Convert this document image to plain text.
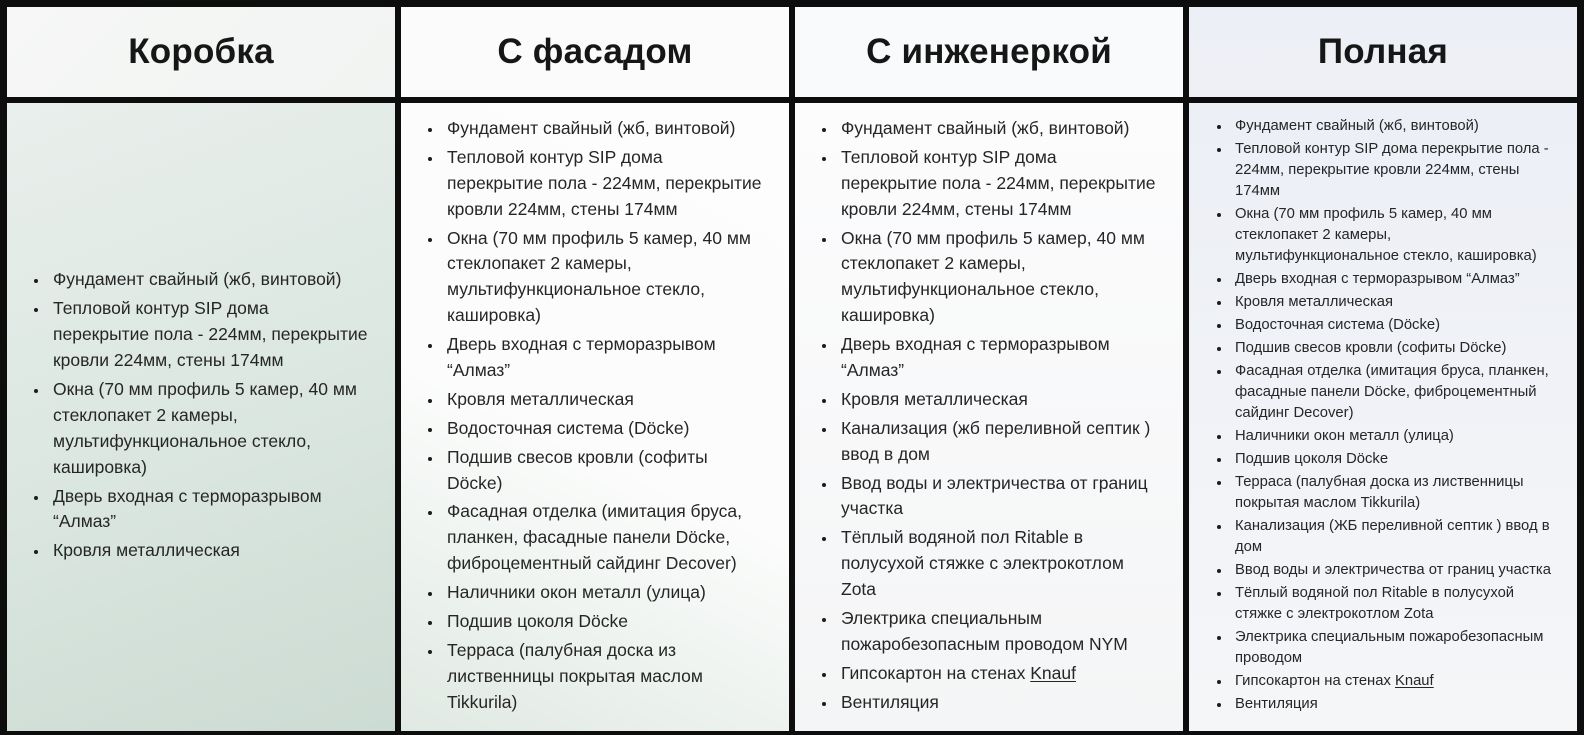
Коробка
• Фундамент свайный (жб, винтовой)
• Тепловой контур SIP дома перекрытие пола - 224мм, перекрытие кровли 224мм, стены 174мм
• Окна (70 мм профиль 5 камер, 40 мм стеклопакет 2 камеры, мультифункциональное стекло, кашировка)
• Дверь входная с терморазрывом “Алмаз”
• Кровля металлическая
С фасадом
• Фундамент свайный (жб, винтовой)
• Тепловой контур SIP дома перекрытие пола - 224мм, перекрытие кровли 224мм, стены 174мм
• Окна (70 мм профиль 5 камер, 40 мм стеклопакет 2 камеры, мультифункциональное стекло, кашировка)
• Дверь входная с терморазрывом “Алмаз”
• Кровля металлическая
• Водосточная система (Döcke)
• Подшив свесов кровли (софиты Döcke)
• Фасадная отделка (имитация бруса, планкен, фасадные панели Döcke, фиброцементный сайдинг Decover)
• Наличники окон металл (улица)
• Подшив цоколя Döcke
• Терраса (палубная доска из лиственницы покрытая маслом Tikkurila)
С инженеркой
• Фундамент свайный (жб, винтовой)
• Тепловой контур SIP дома перекрытие пола - 224мм, перекрытие кровли 224мм, стены 174мм
• Окна (70 мм профиль 5 камер, 40 мм стеклопакет 2 камеры, мультифункциональное стекло, кашировка)
• Дверь входная с терморазрывом “Алмаз”
• Кровля металлическая
• Канализация (жб переливной септик ) ввод в дом
• Ввод воды и электричества от границ участка
• Тёплый водяной пол Ritable в полусухой стяжке с электрокотлом Zota
• Электрика специальным пожаробезопасным проводом NYM
• Гипсокартон на стенах Knauf
• Вентиляция
Полная
• Фундамент свайный (жб, винтовой)
• Тепловой контур SIP дома перекрытие пола - 224мм, перекрытие кровли 224мм, стены 174мм
• Окна (70 мм профиль 5 камер, 40 мм стеклопакет 2 камеры, мультифункциональное стекло, кашировка)
• Дверь входная с терморазрывом “Алмаз”
• Кровля металлическая
• Водосточная система (Döcke)
• Подшив свесов кровли (софиты Döcke)
• Фасадная отделка (имитация бруса, планкен, фасадные панели Döcke, фиброцементный сайдинг Decover)
• Наличники окон металл (улица)
• Подшив цоколя Döcke
• Терраса (палубная доска из лиственницы покрытая маслом Tikkurila)
• Канализация (ЖБ переливной септик ) ввод в дом
• Ввод воды и электричества от границ участка
• Тёплый водяной пол Ritable в полусухой стяжке с электрокотлом Zota
• Электрика специальным пожаробезопасным проводом
• Гипсокартон на стенах Knauf
• Вентиляция
